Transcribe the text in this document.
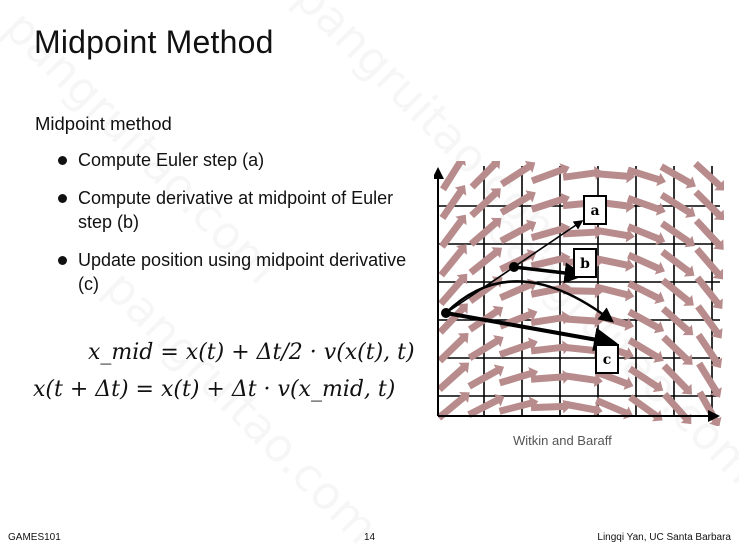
Midpoint Method
Midpoint method
Compute Euler step (a)
Compute derivative at midpoint of Euler step (b)
Update position using midpoint derivative (c)
x_mid = x(t) + Δt/2 · v(x(t), t)
x(t + Δt) = x(t) + Δt · v(x_mid, t)
a
b
c
Witkin and Baraff
GAMES101	14	Lingqi Yan, UC Santa Barbara
